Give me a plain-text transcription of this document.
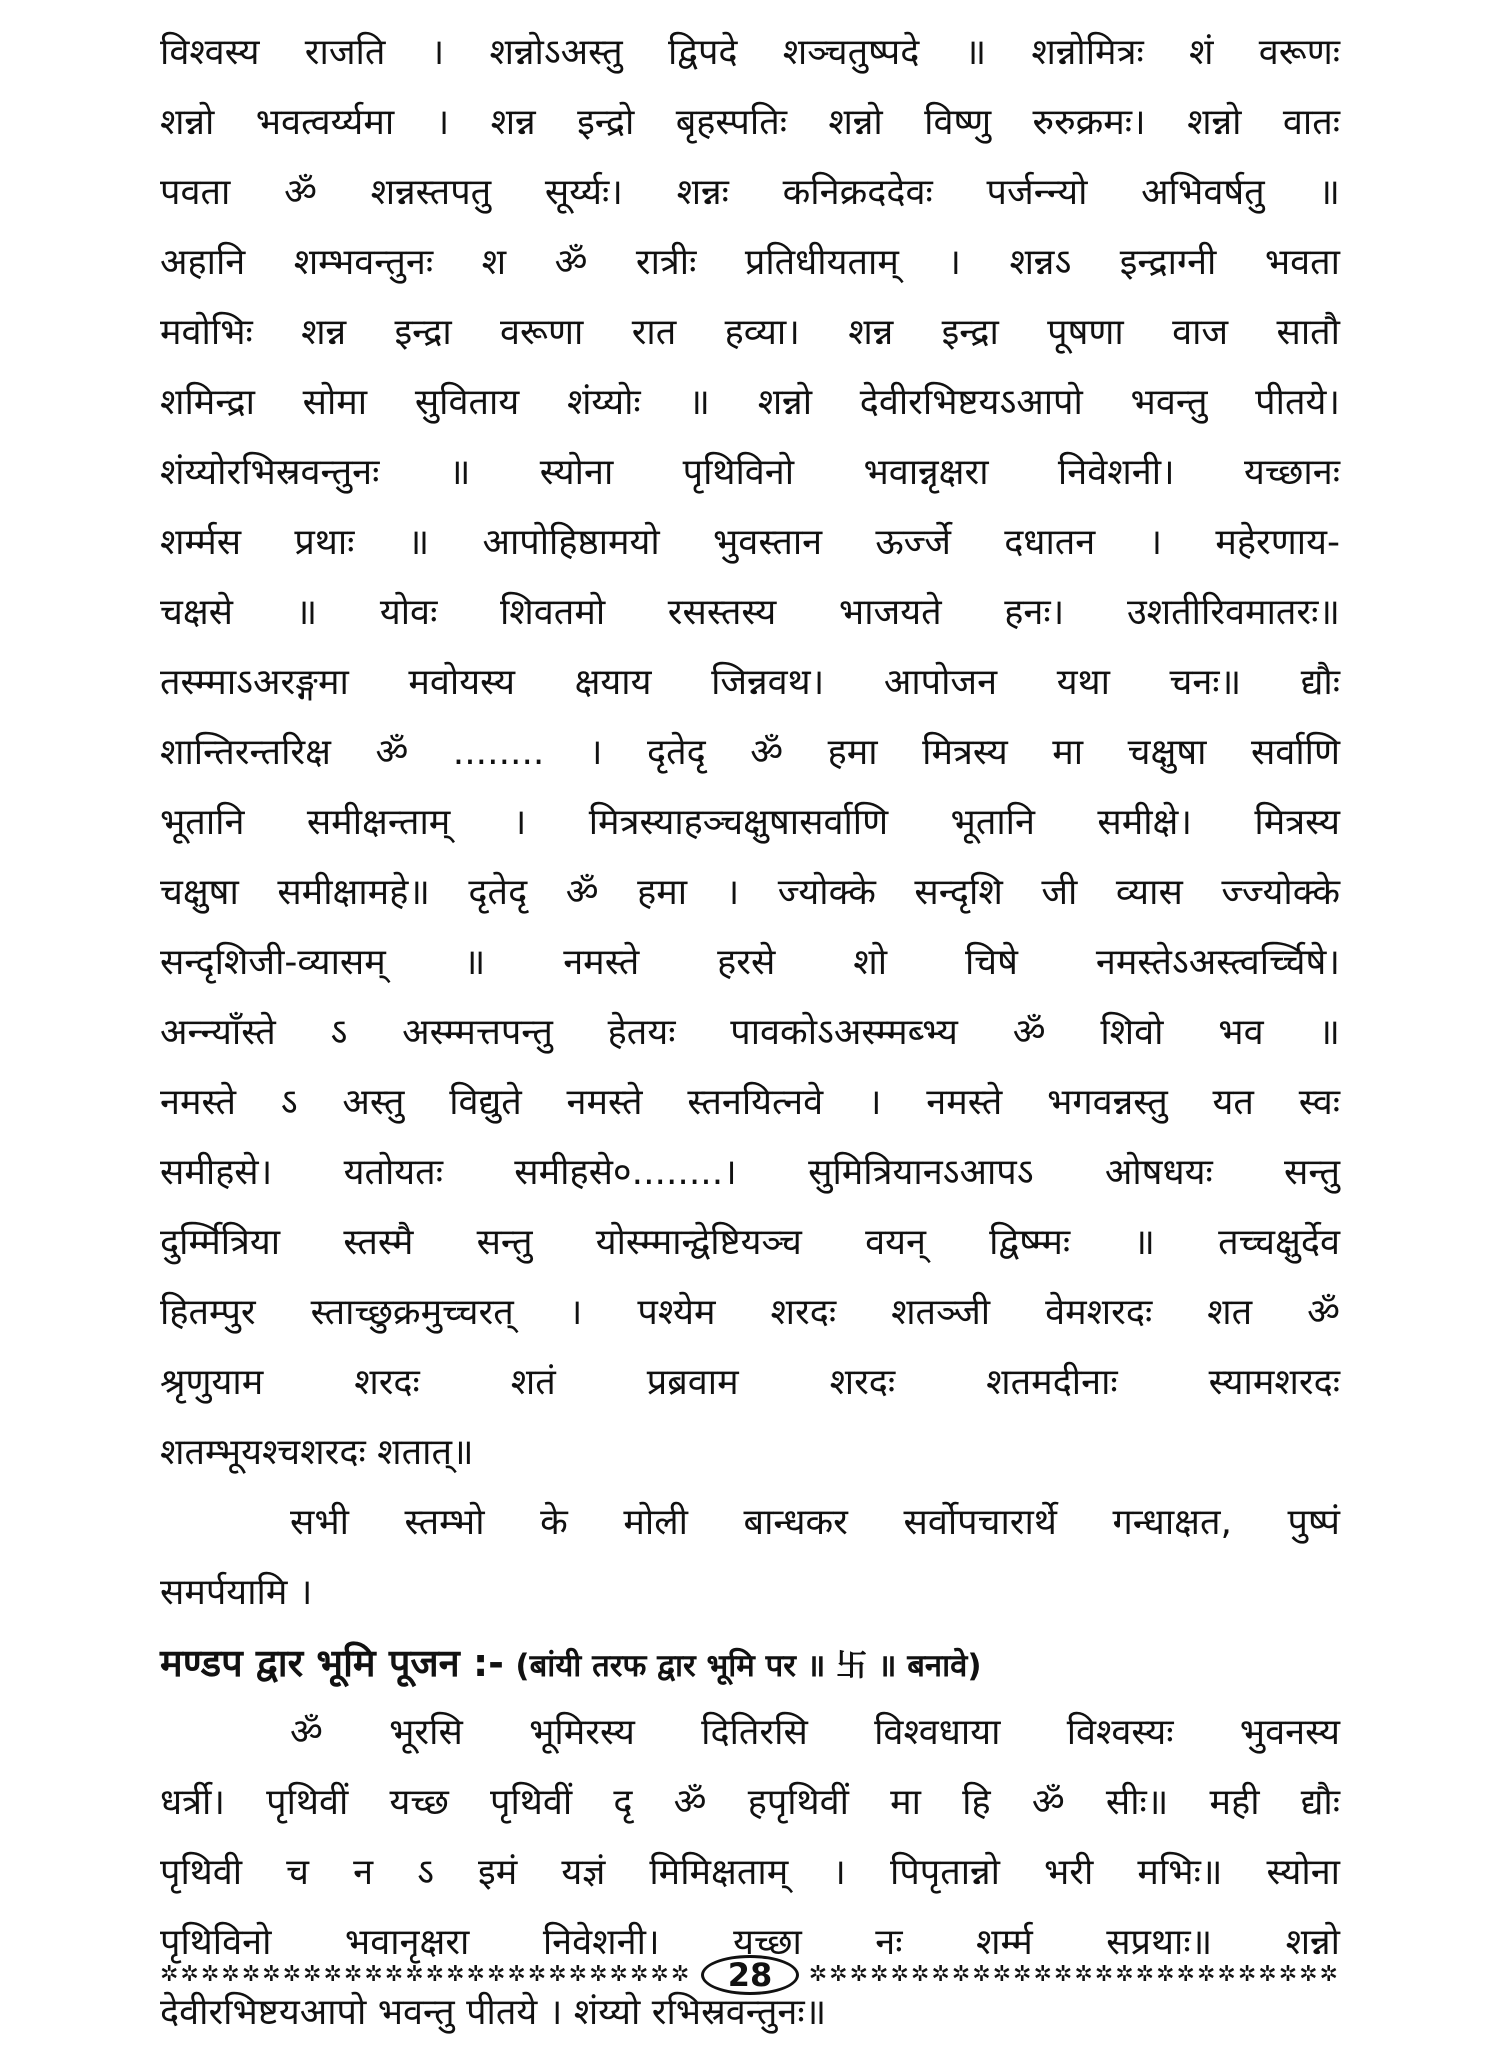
विश्वस्य राजति । शन्नोऽअस्तु द्विपदे शञ्चतुष्पदे ॥ शन्नोमित्रः शं वरूणः
शन्नो भवत्वर्य्यमा । शन्न इन्द्रो बृहस्पतिः शन्नो विष्णु रुरुक्रमः। शन्नो वातः
पवता ॐ शन्नस्तपतु सूर्य्यः। शन्नः कनिक्रददेवः पर्जन्न्यो अभिवर्षतु ॥
अहानि शम्भवन्तुनः श ॐ रात्रीः प्रतिधीयताम् । शन्नऽ इन्द्राग्नी भवता
मवोभिः शन्न इन्द्रा वरूणा रात हव्या। शन्न इन्द्रा पूषणा वाज सातौ
शमिन्द्रा सोमा सुविताय शंय्योः ॥ शन्नो देवीरभिष्टयऽआपो भवन्तु पीतये।
शंय्योरभिस्रवन्तुनः ॥ स्योना पृथिविनो भवान्नृक्षरा निवेशनी। यच्छानः
शर्म्मस प्रथाः ॥ आपोहिष्ठामयो भुवस्तान ऊर्ज्जे दधातन । महेरणाय-
चक्षसे ॥ योवः शिवतमो रसस्तस्य भाजयते हनः। उशतीरिवमातरः॥
तस्म्माऽअरङ्गमा मवोयस्य क्षयाय जिन्नवथ। आपोजन यथा चनः॥ द्यौः
शान्तिरन्तरिक्ष ॐ ........ । दृतेदृ ॐ हमा मित्रस्य मा चक्षुषा सर्वाणि
भूतानि समीक्षन्ताम् । मित्रस्याहञ्चक्षुषासर्वाणि भूतानि समीक्षे। मित्रस्य
चक्षुषा समीक्षामहे॥ दृतेदृ ॐ हमा । ज्योक्के सन्दृशि जी व्यास ज्ज्योक्के
सन्दृशिजी-व्यासम् ॥ नमस्ते हरसे शो चिषे नमस्तेऽअस्त्वर्च्चिषे।
अन्न्याँस्ते ऽ अस्म्मत्तपन्तु हेतयः पावकोऽअस्म्मब्भ्य ॐ शिवो भव ॥
नमस्ते ऽ अस्तु विद्युते नमस्ते स्तनयित्नवे । नमस्ते भगवन्नस्तु यत स्वः
समीहसे। यतोयतः समीहसे०........। सुमित्रियानऽआपऽ ओषधयः सन्तु
दुर्म्मित्रिया स्तस्मै सन्तु योस्म्मान्द्वेष्टियञ्च वयन् द्विष्म्मः ॥ तच्चक्षुर्देव
हितम्पुर स्ताच्छुक्रमुच्चरत् । पश्येम शरदः शतञ्जी वेमशरदः शत ॐ
श्रृणुयाम शरदः शतं प्रब्रवाम शरदः शतमदीनाः स्यामशरदः
शतम्भूयश्चशरदः शतात्॥
सभी स्तम्भो के मोली बान्धकर सर्वोपचारार्थे गन्धाक्षत, पुष्पं
समर्पयामि ।
मण्डप द्वार भूमि पूजन :- (बांयी तरफ द्वार भूमि पर ॥ 卐 ॥ बनावे)
ॐ भूरसि भूमिरस्य दितिरसि विश्वधाया विश्वस्यः भुवनस्य
धर्त्री। पृथिवीं यच्छ पृथिवीं दृ ॐ हपृथिवीं मा हि ॐ सीः॥ मही द्यौः
पृथिवी च न ऽ इमं यज्ञं मिमिक्षताम् । पिपृतान्नो भरी मभिः॥ स्योना
पृथिविनो भवानृक्षरा निवेशनी। यच्छा नः शर्म्म सप्रथाः॥ शन्नो
देवीरभिष्टयआपो भवन्तु पीतये । शंय्यो रभिस्रवन्तुनः॥
✲✲✲✲✲✲✲✲✲✲✲✲✲✲✲✲✲✲✲✲✲✲✲✲✲✲	28	✲✲✲✲✲✲✲✲✲✲✲✲✲✲✲✲✲✲✲✲✲✲✲✲✲✲
